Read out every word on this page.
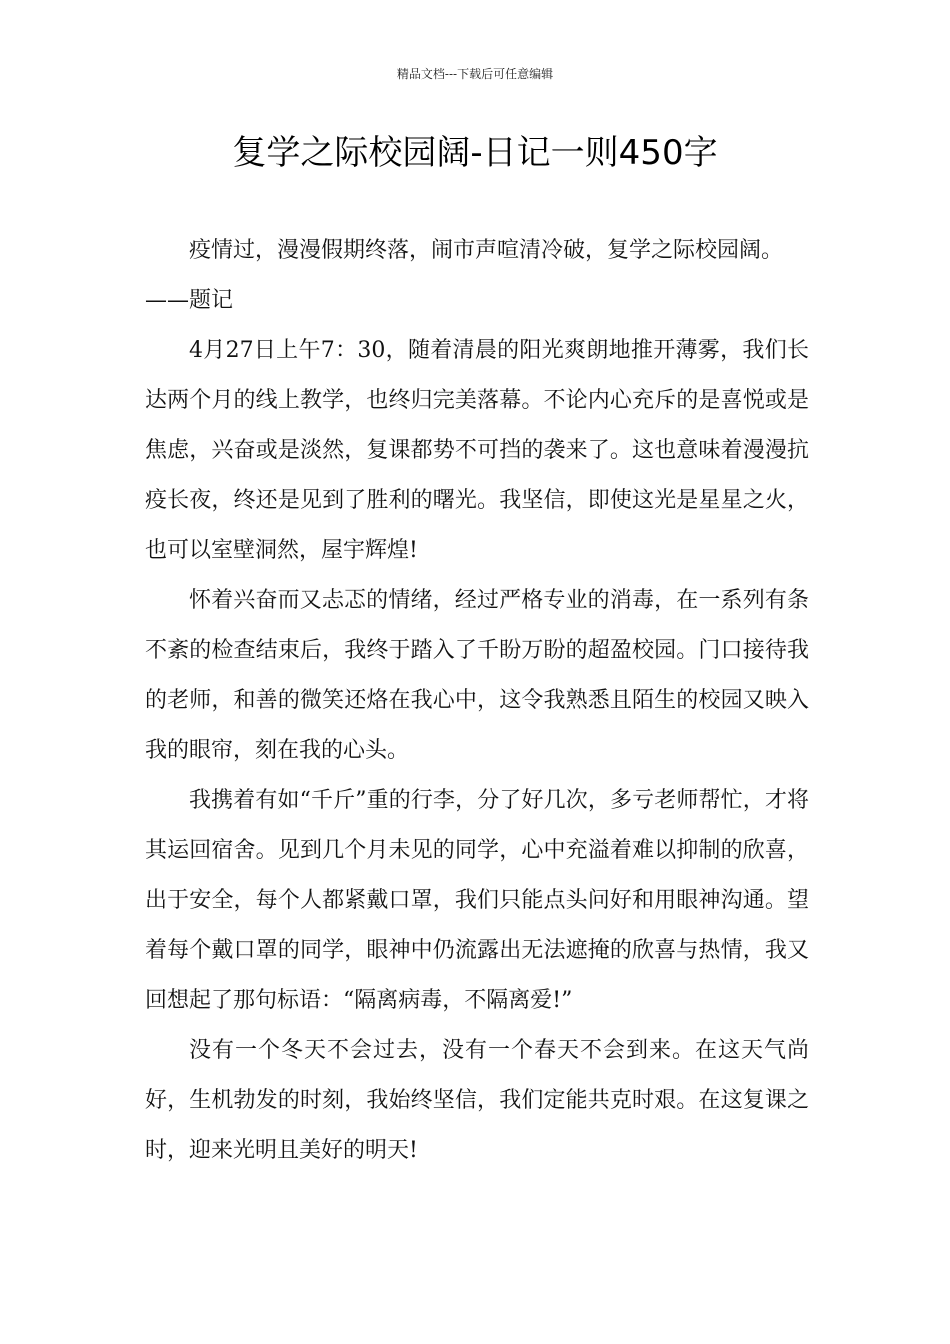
精品文档---下载后可任意编辑
复学之际校园阔-日记一则450字

疫情过，漫漫假期终落，闹市声喧清冷破，复学之际校园阔。

——题记

4月27日上午7：30，随着清晨的阳光爽朗地推开薄雾，我们长达两个月的线上教学，也终归完美落幕。不论内心充斥的是喜悦或是焦虑，兴奋或是淡然，复课都势不可挡的袭来了。这也意味着漫漫抗疫长夜，终还是见到了胜利的曙光。我坚信，即使这光是星星之火，也可以室壁洞然，屋宇辉煌!

怀着兴奋而又忐忑的情绪，经过严格专业的消毒，在一系列有条不紊的检查结束后，我终于踏入了千盼万盼的超盈校园。门口接待我的老师，和善的微笑还烙在我心中，这令我熟悉且陌生的校园又映入我的眼帘，刻在我的心头。

我携着有如“千斤”重的行李，分了好几次，多亏老师帮忙，才将其运回宿舍。见到几个月未见的同学，心中充溢着难以抑制的欣喜，出于安全，每个人都紧戴口罩，我们只能点头问好和用眼神沟通。望着每个戴口罩的同学，眼神中仍流露出无法遮掩的欣喜与热情，我又回想起了那句标语：“隔离病毒，不隔离爱!”

没有一个冬天不会过去，没有一个春天不会到来。在这天气尚好，生机勃发的时刻，我始终坚信，我们定能共克时艰。在这复课之时，迎来光明且美好的明天!
